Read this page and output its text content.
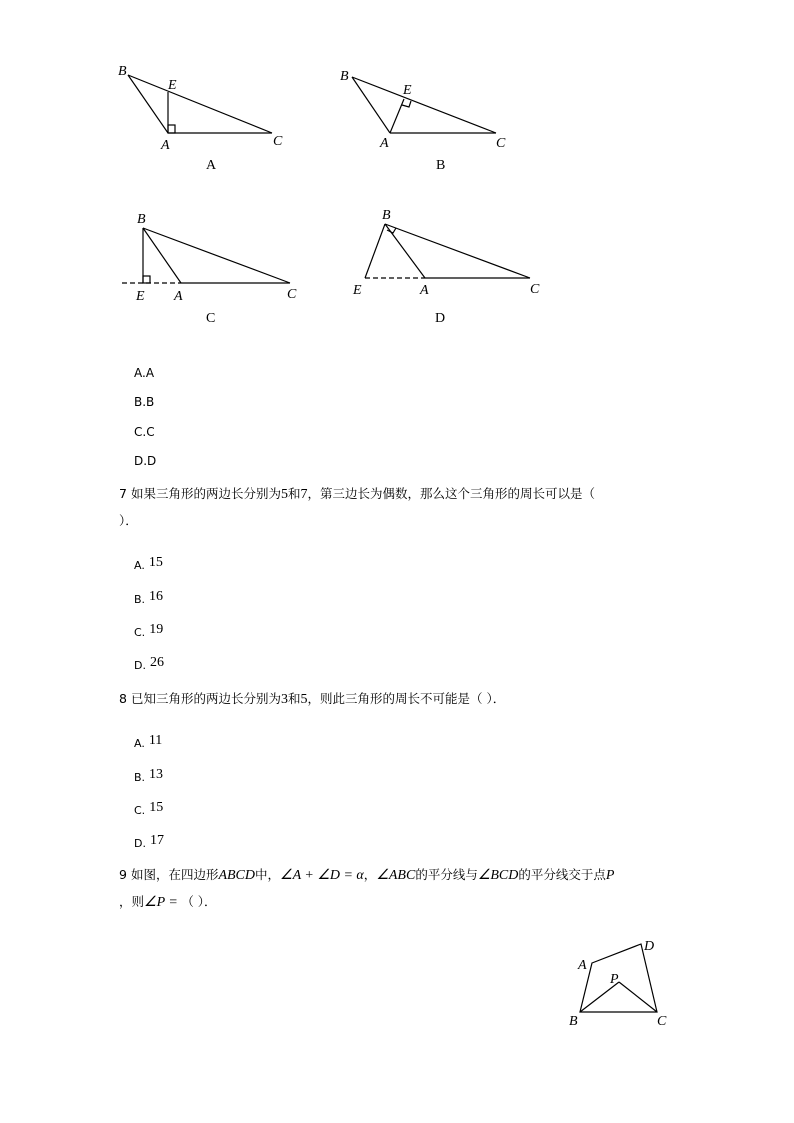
B
E
A	C
A
B
E
A	C
B
B
E A	C
C
B
E	A	C
D
A.A
B.B
C.C
D.D
7 如果三角形的两边长分别为5和7，第三边长为偶数，那么这个三角形的周长可以是（
）．
A. 15
B. 16
C. 19
D. 26
8 已知三角形的两边长分别为3和5，则此三角形的周长不可能是（ ）．
A. 11
B. 13
C. 15
D. 17
9 如图，在四边形ABCD中，∠A + ∠D = α，∠ABC的平分线与∠BCD的平分线交于点P
，则∠P = （ ）．
A
D
P
B	C
